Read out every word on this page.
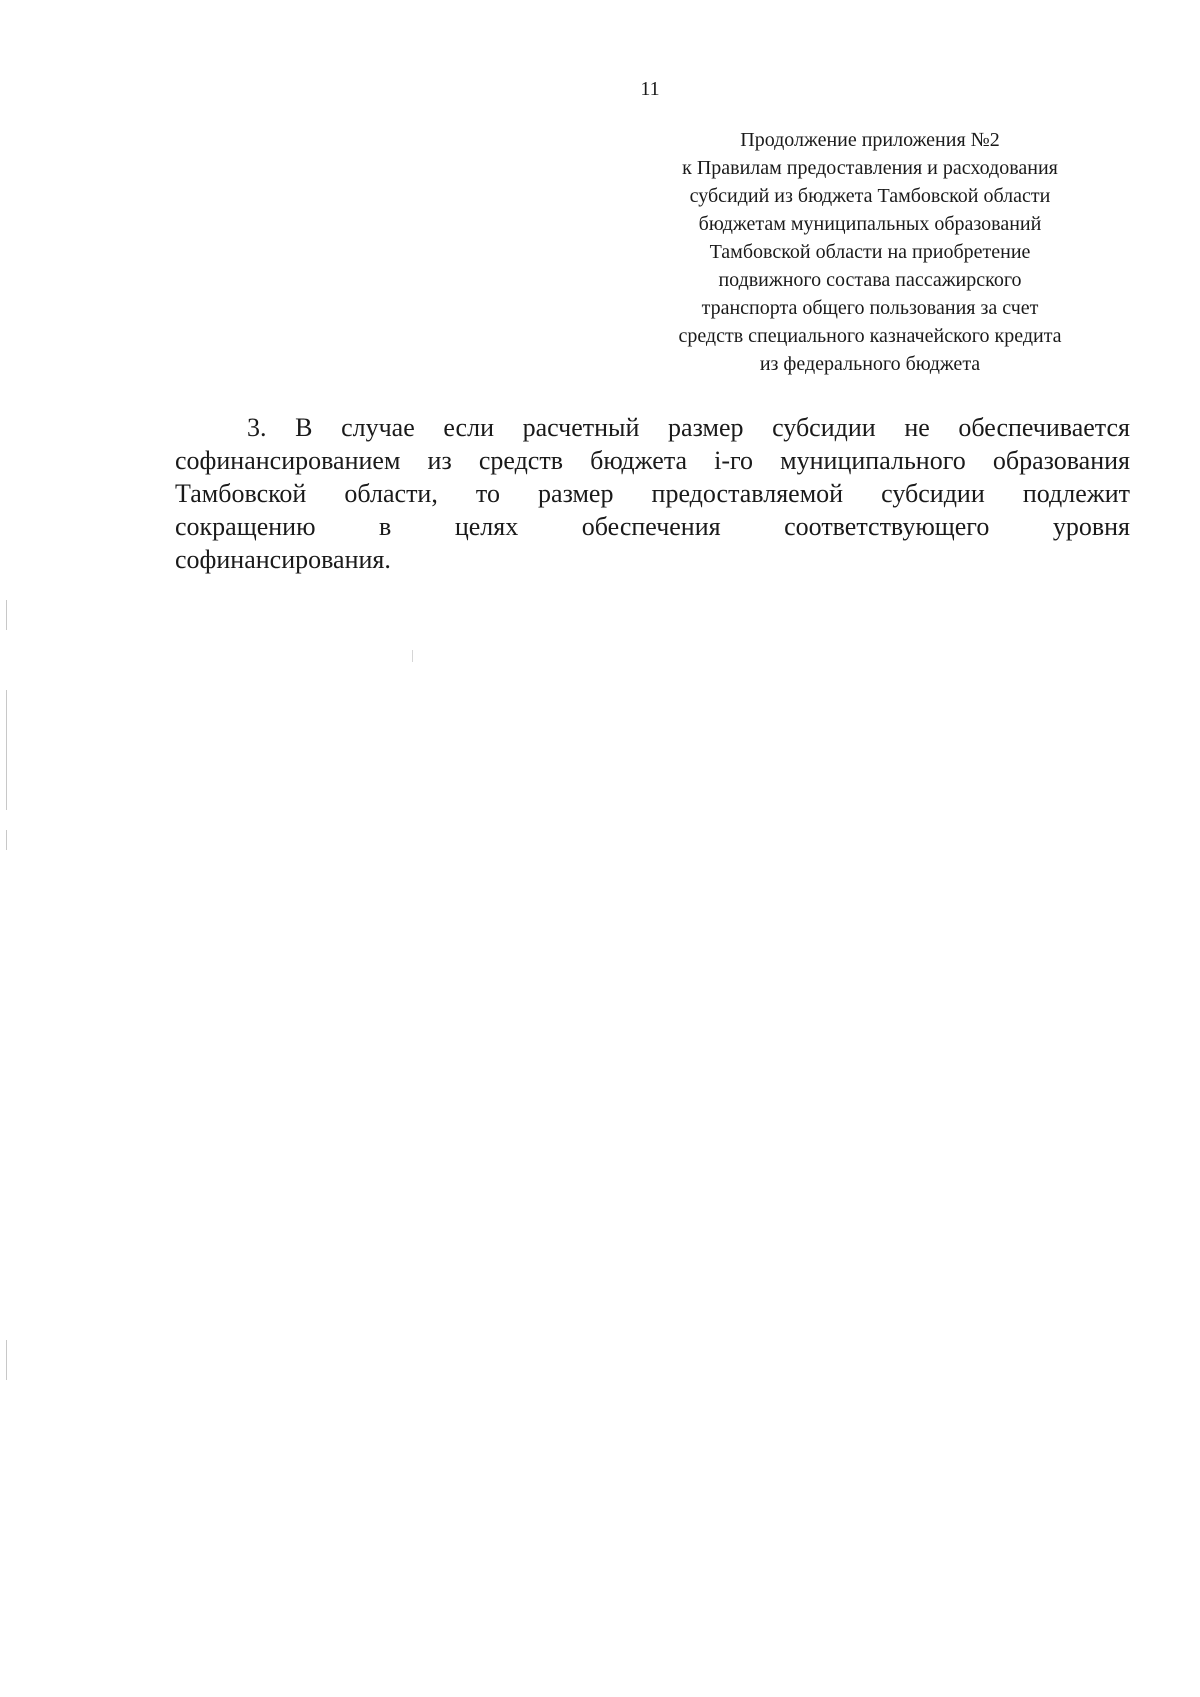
11
Продолжение приложения №2
к Правилам предоставления и расходования
субсидий из бюджета Тамбовской области
бюджетам муниципальных образований
Тамбовской области на приобретение
подвижного состава пассажирского
транспорта общего пользования за счет
средств специального казначейского кредита
из федерального бюджета
3. В случае если расчетный размер субсидии не обеспечивается
софинансированием из средств бюджета i-го муниципального образования
Тамбовской области, то размер предоставляемой субсидии подлежит
сокращению в целях обеспечения соответствующего уровня
софинансирования.
